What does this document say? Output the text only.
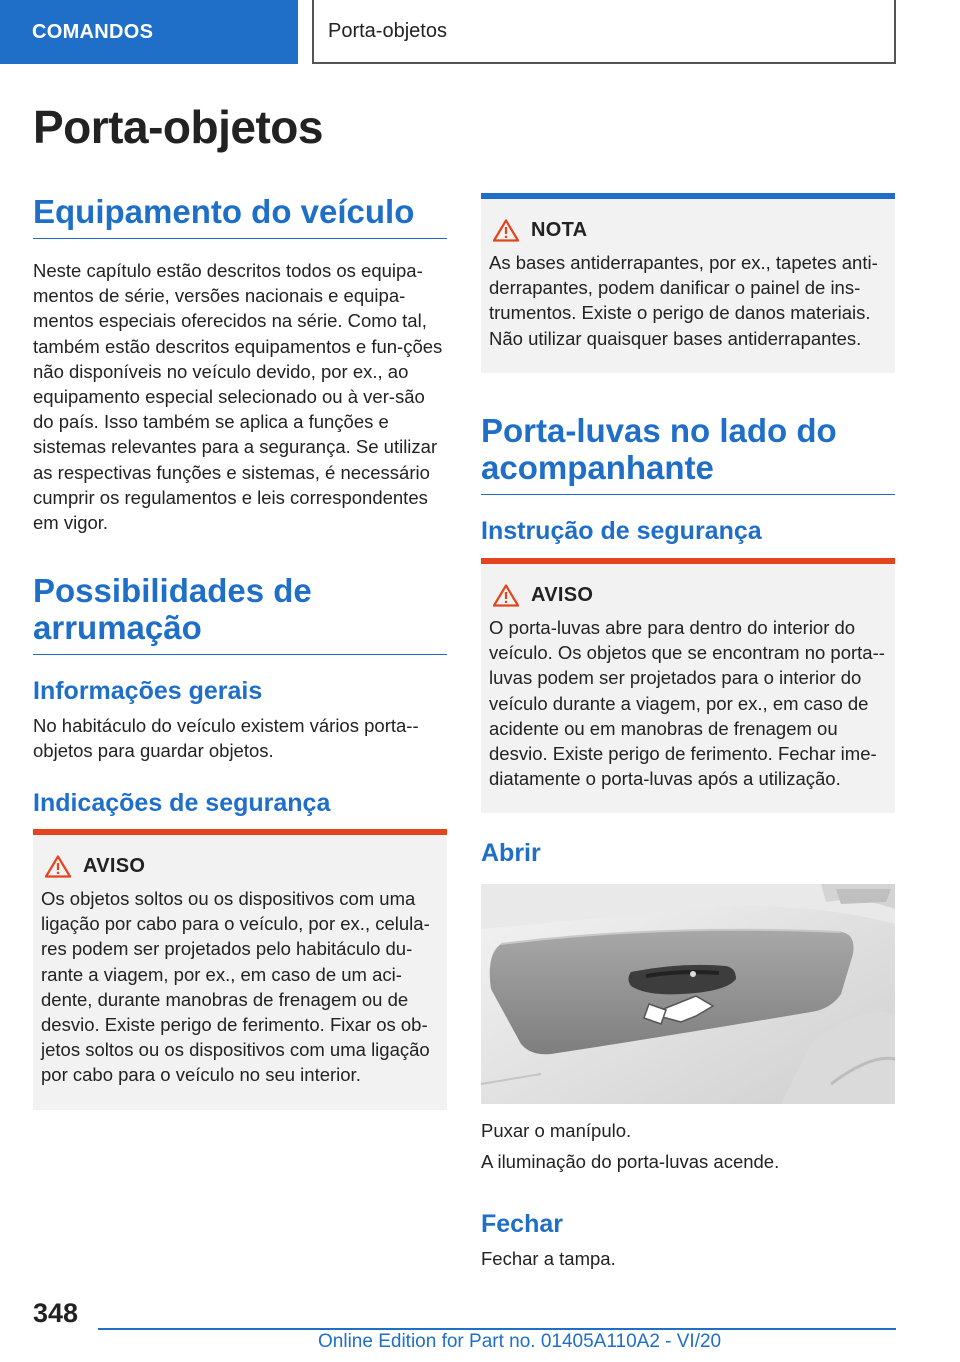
COMANDOS	Porta-objetos
Porta-objetos
Equipamento do veículo

Neste capítulo estão descritos todos os equipa-mentos de série, versões nacionais e equipa-mentos especiais oferecidos na série. Como tal, também estão descritos equipamentos e fun-ções não disponíveis no veículo devido, por ex., ao equipamento especial selecionado ou à ver-são do país. Isso também se aplica a funções e sistemas relevantes para a segurança. Se utilizar as respectivas funções e sistemas, é necessário cumprir os regulamentos e leis correspondentes em vigor.

Possibilidades de arrumação
Informações gerais

No habitáculo do veículo existem vários porta--objetos para guardar objetos.

Indicações de segurança
AVISO

Os objetos soltos ou os dispositivos com uma ligação por cabo para o veículo, por ex., celula-res podem ser projetados pelo habitáculo du-rante a viagem, por ex., em caso de um aci-dente, durante manobras de frenagem ou de desvio. Existe perigo de ferimento. Fixar os ob-jetos soltos ou os dispositivos com uma ligação por cabo para o veículo no seu interior.

NOTA

As bases antiderrapantes, por ex., tapetes anti-derrapantes, podem danificar o painel de ins-trumentos. Existe o perigo de danos materiais. Não utilizar quaisquer bases antiderrapantes.

Porta-luvas no lado do acompanhante
Instrução de segurança
AVISO

O porta-luvas abre para dentro do interior do veículo. Os objetos que se encontram no porta--luvas podem ser projetados para o interior do veículo durante a viagem, por ex., em caso de acidente ou em manobras de frenagem ou desvio. Existe perigo de ferimento. Fechar ime-diatamente o porta-luvas após a utilização.

Abrir

Puxar o manípulo.

A iluminação do porta-luvas acende.

Fechar

Fechar a tampa.

348
Online Edition for Part no. 01405A110A2 - VI/20
